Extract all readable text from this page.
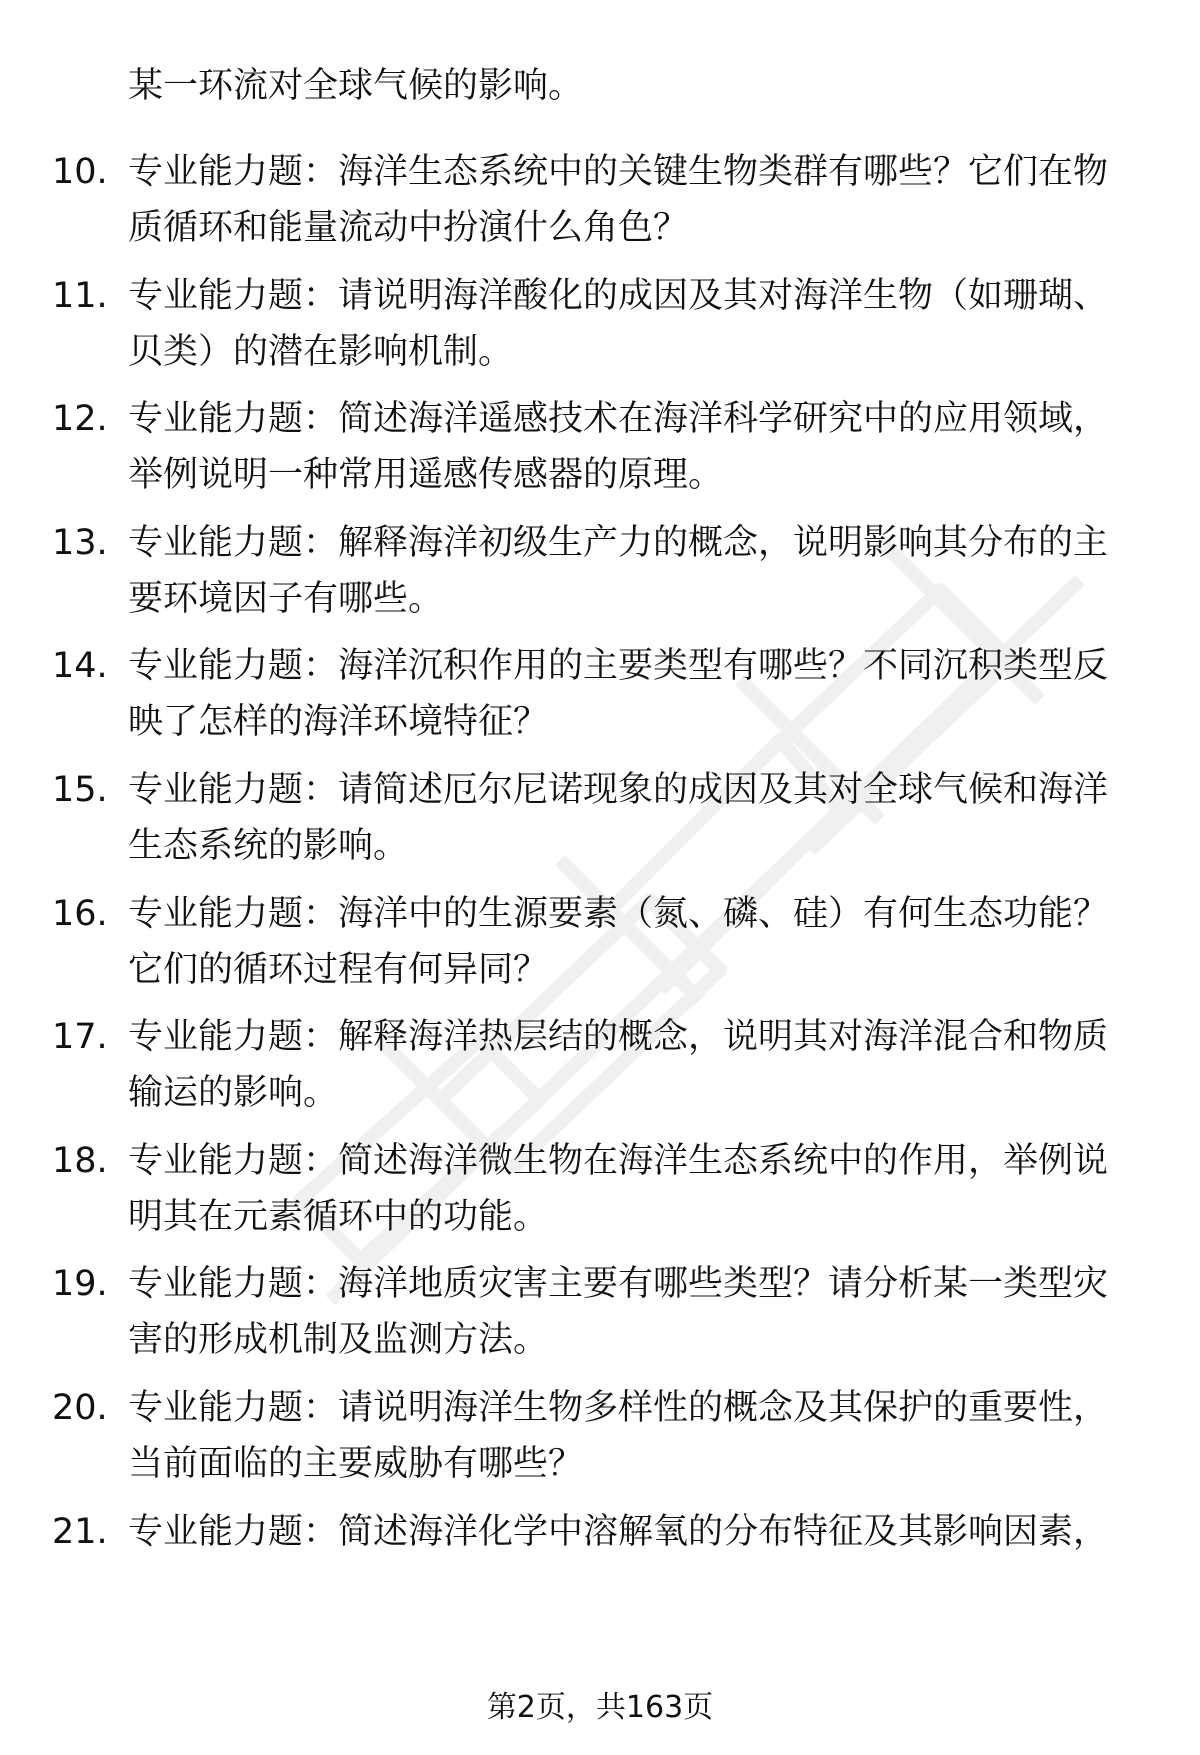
某一环流对全球气候的影响。
10. 专业能力题：海洋生态系统中的关键生物类群有哪些？它们在物
质循环和能量流动中扮演什么角色？
11. 专业能力题：请说明海洋酸化的成因及其对海洋生物（如珊瑚、
贝类）的潜在影响机制。
12. 专业能力题：简述海洋遥感技术在海洋科学研究中的应用领域，
举例说明一种常用遥感传感器的原理。
13. 专业能力题：解释海洋初级生产力的概念，说明影响其分布的主
要环境因子有哪些。
14. 专业能力题：海洋沉积作用的主要类型有哪些？不同沉积类型反
映了怎样的海洋环境特征？
15. 专业能力题：请简述厄尔尼诺现象的成因及其对全球气候和海洋
生态系统的影响。
16. 专业能力题：海洋中的生源要素（氮、磷、硅）有何生态功能？
它们的循环过程有何异同？
17. 专业能力题：解释海洋热层结的概念，说明其对海洋混合和物质
输运的影响。
18. 专业能力题：简述海洋微生物在海洋生态系统中的作用，举例说
明其在元素循环中的功能。
19. 专业能力题：海洋地质灾害主要有哪些类型？请分析某一类型灾
害的形成机制及监测方法。
20. 专业能力题：请说明海洋生物多样性的概念及其保护的重要性，
当前面临的主要威胁有哪些？
21. 专业能力题：简述海洋化学中溶解氧的分布特征及其影响因素，
第2页，共163页
